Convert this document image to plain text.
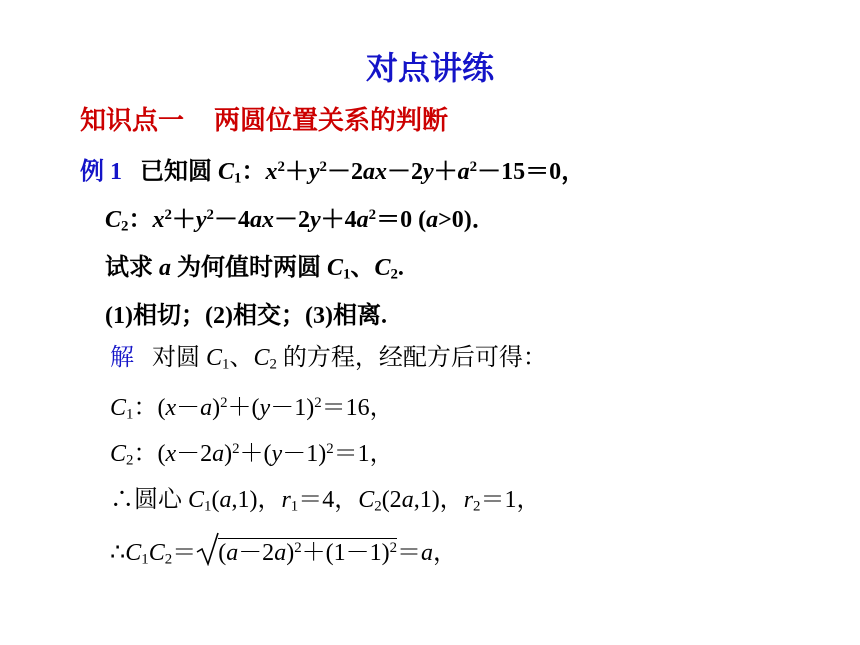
对点讲练
知识点一 两圆位置关系的判断
例 1   已知圆 $C_1$：$x^2+y^2-2ax-2y+a^2-15=0$，
$C_2$：$x^2+y^2-4ax-2y+4a^2=0$ (a>0)．
试求 a 为何值时两圆 $C_1$、$C_2$.
(1)相切；(2)相交；(3)相离.
解   对圆 $C_1$、$C_2$ 的方程，经配方后可得：
$C_1$：$(x-a)^2+(y-1)^2=16$，
$C_2$：$(x-2a)^2+(y-1)^2=1$，
∴圆心 $C_1(a,1)$，$r_1=4$，$C_2(2a,1)$，$r_2=1$，
$\therefore C_1C_2= (a-2a)^2+(1-1)^2=a$，
